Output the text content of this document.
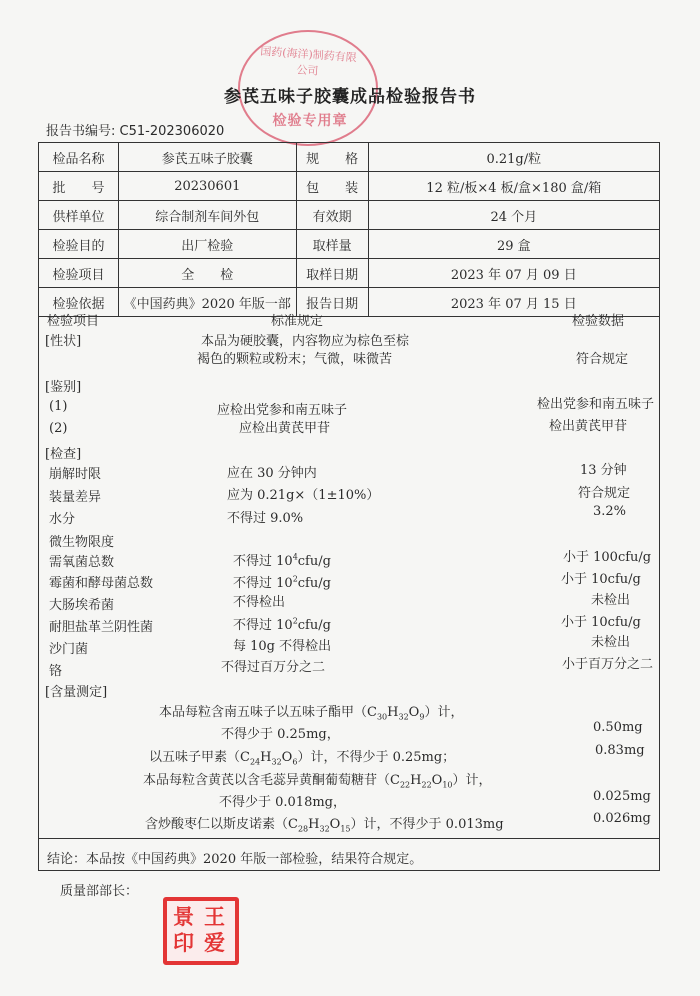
国药(海洋)制药有限公司
检验专用章
参芪五味子胶囊成品检验报告书
报告书编号: C51-202306020
检品名称	参芪五味子胶囊	规　　格	0.21g/粒
批　　号	20230601	包　　装	12 粒/板×4 板/盒×180 盒/箱
供样单位	综合制剂车间外包	有效期	24 个月
检验目的	出厂检验	取样量	29 盒
检验项目	全　　检	取样日期	2023 年 07 月 09 日
检验依据	《中国药典》2020 年版一部	报告日期	2023 年 07 月 15 日
检验项目	标准规定	检验数据
[性状]	本品为硬胶囊，内容物应为棕色至棕
褐色的颗粒或粉末；气微，味微苦	符合规定
[鉴别]
(1)	应检出党参和南五味子	检出党参和南五味子
(2)	应检出黄芪甲苷	检出黄芪甲苷
[检查]
崩解时限	应在 30 分钟内	13 分钟
装量差异	应为 0.21g×（1±10%）	符合规定
水分	不得过 9.0%	3.2%
微生物限度
需氧菌总数	不得过 $10^4cfu/g$	小于 100cfu/g
霉菌和酵母菌总数	不得过 $10^2cfu/g$	小于 10cfu/g
大肠埃希菌	不得检出	未检出
耐胆盐革兰阴性菌	不得过 $10^2cfu/g$	小于 10cfu/g
沙门菌	每 10g 不得检出	未检出
铬	不得过百万分之二	小于百万分之二
[含量测定]
本品每粒含南五味子以五味子酯甲$(C_{30}H_{32}O_9)$计，
不得少于 0.25mg，	0.50mg
以五味子甲素$(C_{24}H_{32}O_6)$计，不得少于 0.25mg；	0.83mg
本品每粒含黄芪以含毛蕊异黄酮葡萄糖苷$(C_{22}H_{22}O_{10})$计，
不得少于 0.018mg，	0.025mg
含炒酸枣仁以斯皮诺素$(C_{28}H_{32}O_{15})$计，不得少于 0.013mg	0.026mg
结论：本品按《中国药典》2020 年版一部检验，结果符合规定。
质量部部长：
景 王
印 爱
